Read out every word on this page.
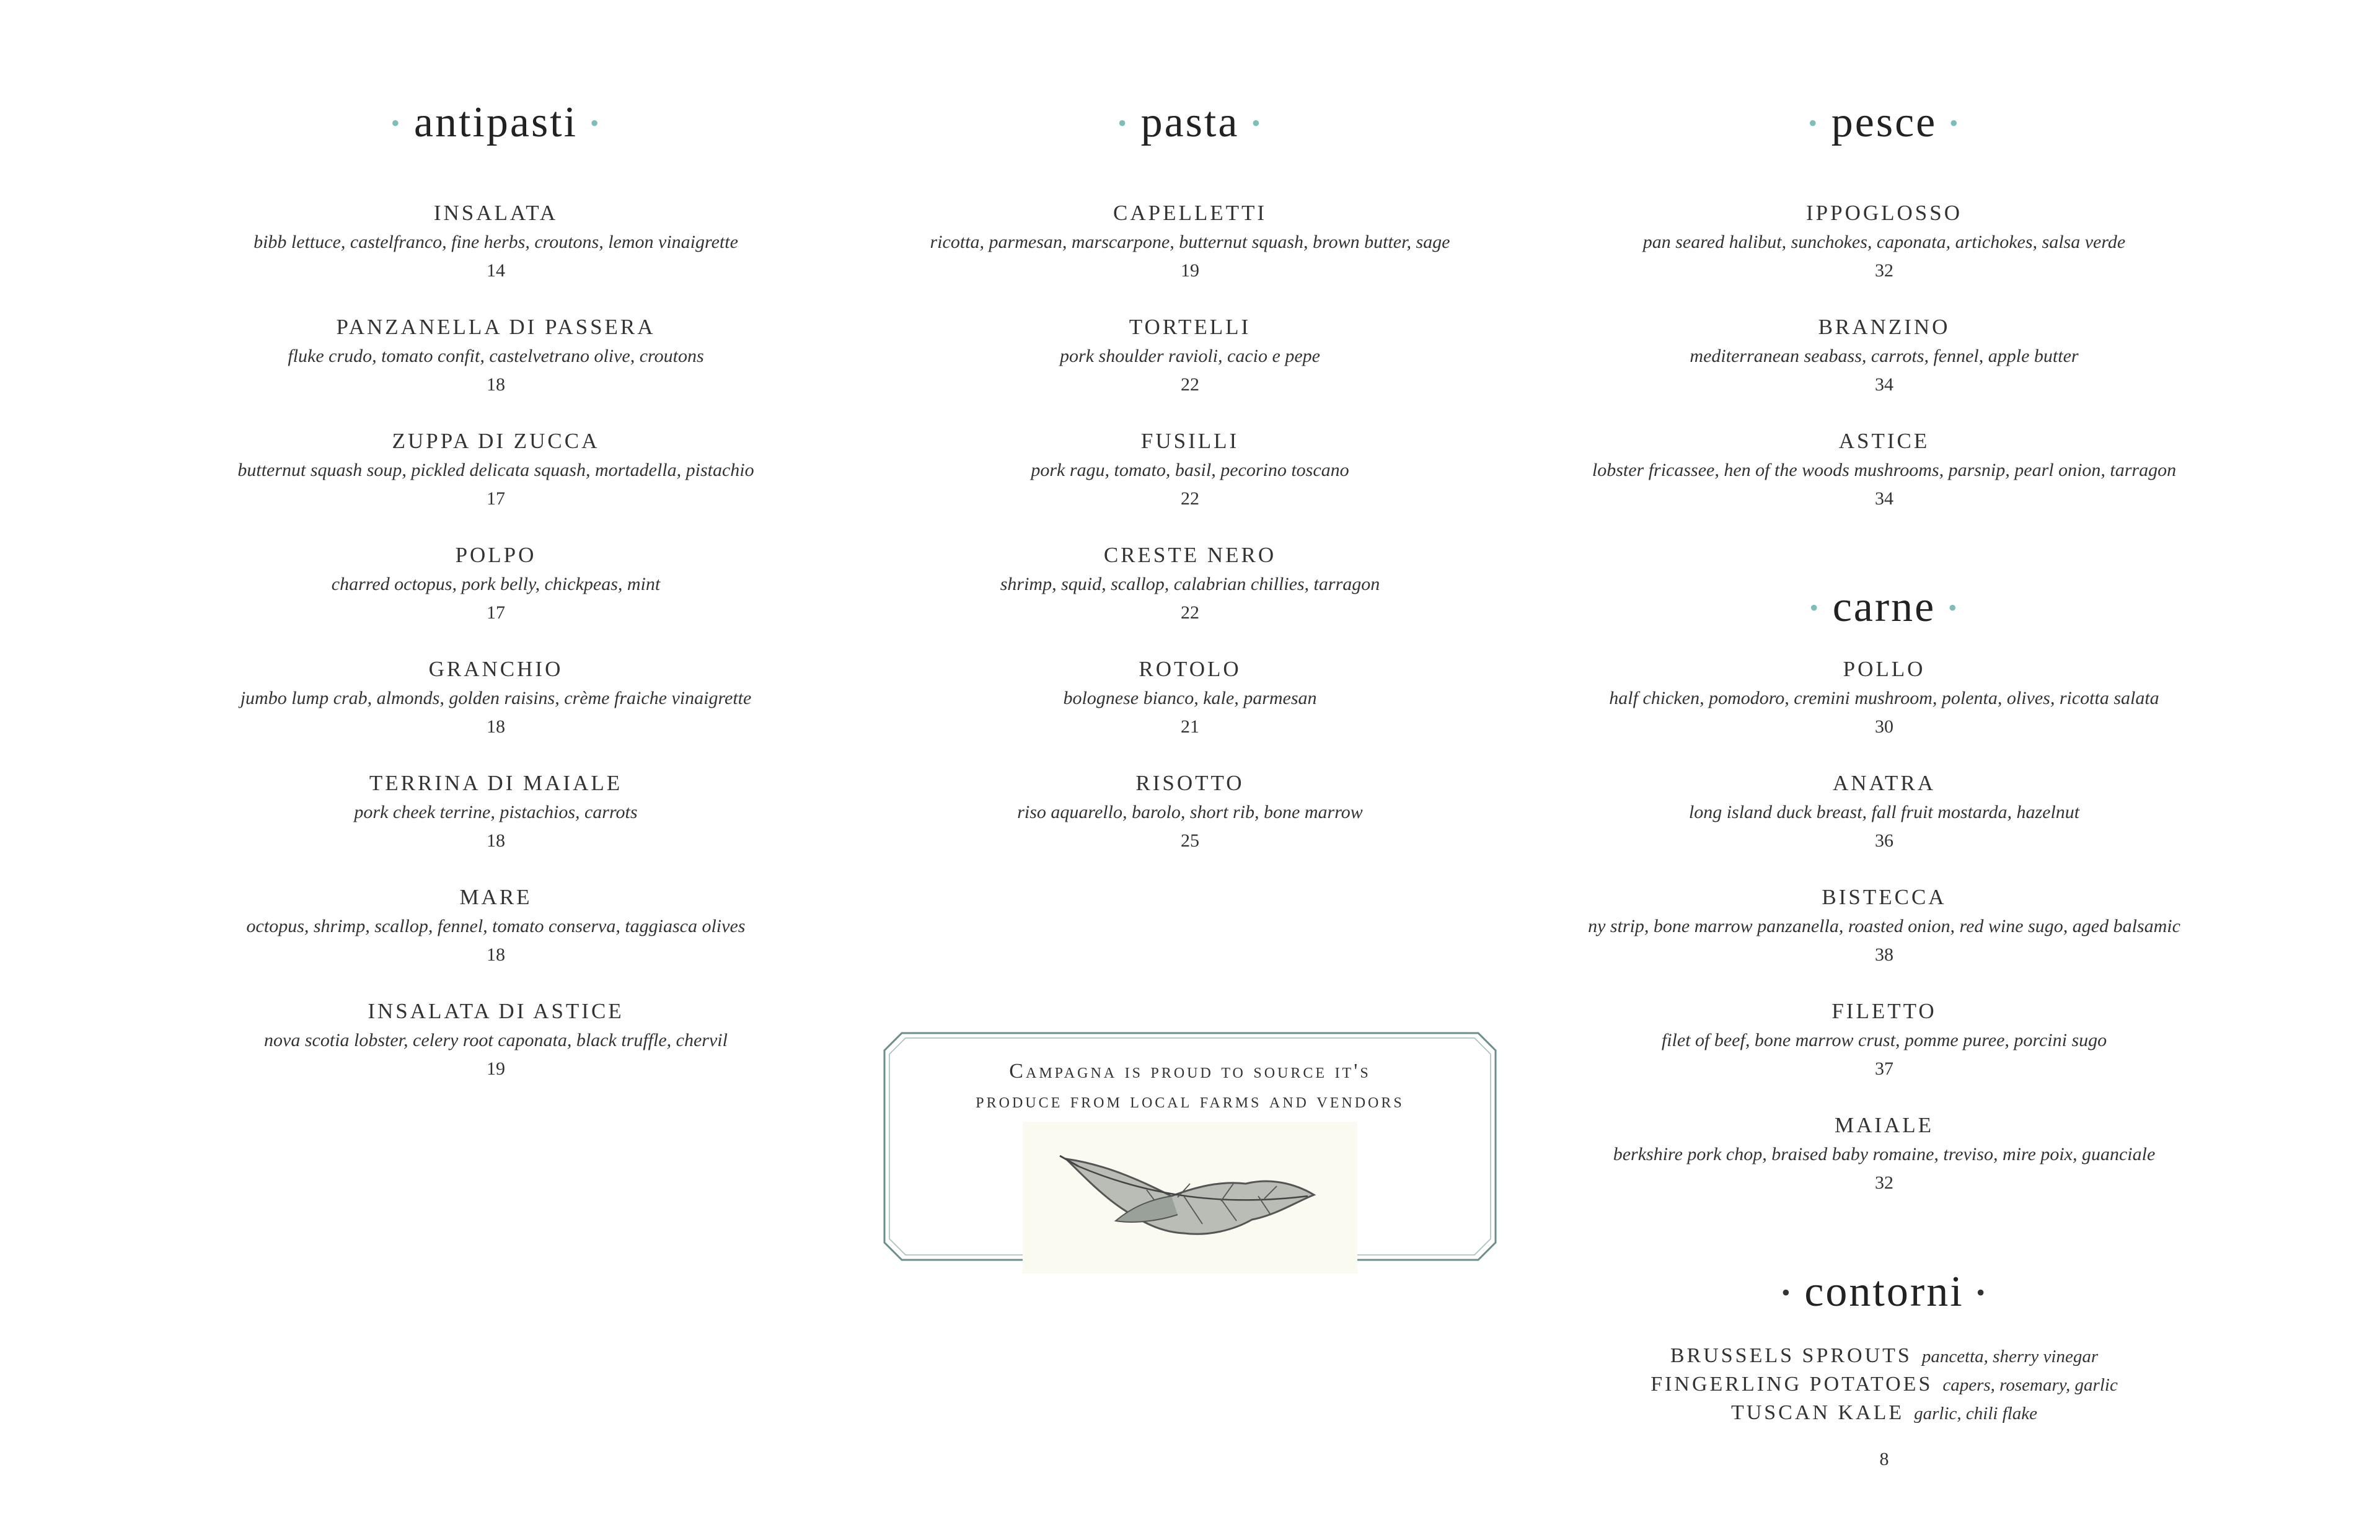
• antipasti •
INSALATA
bibb lettuce, castelfranco, fine herbs, croutons, lemon vinaigrette
14
PANZANELLA DI PASSERA
fluke crudo, tomato confit, castelvetrano olive, croutons
18
ZUPPA DI ZUCCA
butternut squash soup, pickled delicata squash, mortadella, pistachio
17
POLPO
charred octopus, pork belly, chickpeas, mint
17
GRANCHIO
jumbo lump crab, almonds, golden raisins, crème fraiche vinaigrette
18
TERRINA DI MAIALE
pork cheek terrine, pistachios, carrots
18
MARE
octopus, shrimp, scallop, fennel, tomato conserva, taggiasca olives
18
INSALATA DI ASTICE
nova scotia lobster, celery root caponata, black truffle, chervil
19
• pasta •
CAPELLETTI
ricotta, parmesan, marscarpone, butternut squash, brown butter, sage
19
TORTELLI
pork shoulder ravioli, cacio e pepe
22
FUSILLI
pork ragu, tomato, basil, pecorino toscano
22
CRESTE NERO
shrimp, squid, scallop, calabrian chillies, tarragon
22
ROTOLO
bolognese bianco, kale, parmesan
21
RISOTTO
riso aquarello, barolo, short rib, bone marrow
25
Campagna is proud to source it's
produce from local farms and vendors
• pesce •
IPPOGLOSSO
pan seared halibut, sunchokes, caponata, artichokes, salsa verde
32
BRANZINO
mediterranean seabass, carrots, fennel, apple butter
34
ASTICE
lobster fricassee, hen of the woods mushrooms, parsnip, pearl onion, tarragon
34
• carne •
POLLO
half chicken, pomodoro, cremini mushroom, polenta, olives, ricotta salata
30
ANATRA
long island duck breast, fall fruit mostarda, hazelnut
36
BISTECCA
ny strip, bone marrow panzanella, roasted onion, red wine sugo, aged balsamic
38
FILETTO
filet of beef, bone marrow crust, pomme puree, porcini sugo
37
MAIALE
berkshire pork chop, braised baby romaine, treviso, mire poix, guanciale
32
• contorni •
BRUSSELS SPROUTS pancetta, sherry vinegar
FINGERLING POTATOES capers, rosemary, garlic
TUSCAN KALE garlic, chili flake
8
